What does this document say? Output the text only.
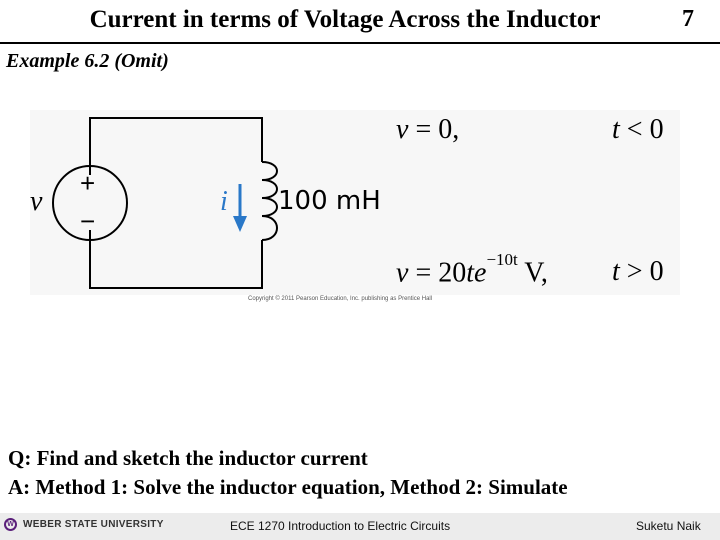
Current in terms of Voltage Across the Inductor	7
Example 6.2 (Omit)
v
+
−
i 100 mH
v = 0,	t < 0
$v = 20te^{-10t}$ V, t > 0
Copyright © 2011 Pearson Education, Inc. publishing as Prentice Hall
Q: Find and sketch the inductor current
A: Method 1: Solve the inductor equation, Method 2: Simulate
W WEBER STATE UNIVERSITY	ECE 1270 Introduction to Electric Circuits	Suketu Naik
